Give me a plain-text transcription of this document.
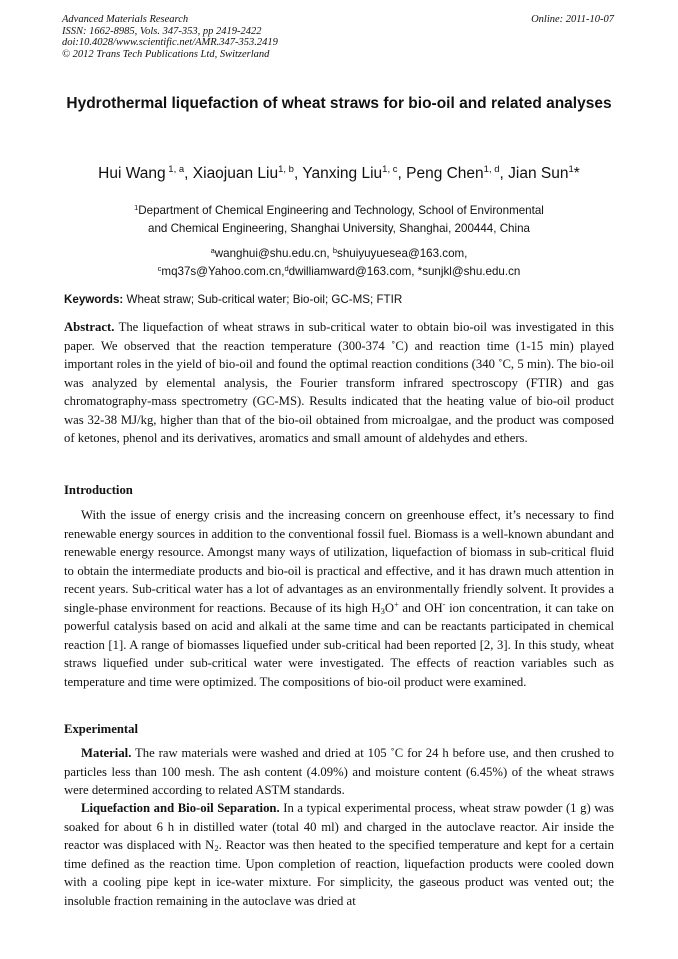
Advanced Materials Research
ISSN: 1662-8985, Vols. 347-353, pp 2419-2422
doi:10.4028/www.scientific.net/AMR.347-353.2419
© 2012 Trans Tech Publications Ltd, Switzerland
Online: 2011-10-07
Hydrothermal liquefaction of wheat straws for bio-oil and related analyses
Hui Wang $^{1, a}$, Xiaojuan Liu$^{1, b}$, Yanxing Liu$^{1, c}$, Peng Chen$^{1, d}$, Jian Sun$^1$*
$^1$Department of Chemical Engineering and Technology, School of Environmental
and Chemical Engineering, Shanghai University, Shanghai, 200444, China
$^a$wanghui@shu.edu.cn, $^b$shuiyuyuesea@163.com,
$^c$mq37s@Yahoo.com.cn,$^d$dwilliamward@163.com, *sunjkl@shu.edu.cn
Keywords: Wheat straw; Sub-critical water; Bio-oil; GC-MS; FTIR
Abstract. The liquefaction of wheat straws in sub-critical water to obtain bio-oil was investigated in this paper. We observed that the reaction temperature (300-374 ˚C) and reaction time (1-15 min) played important roles in the yield of bio-oil and found the optimal reaction conditions (340 ˚C, 5 min). The bio-oil was analyzed by elemental analysis, the Fourier transform infrared spectroscopy (FTIR) and gas chromatography-mass spectrometry (GC-MS). Results indicated that the heating value of bio-oil product was 32-38 MJ/kg, higher than that of the bio-oil obtained from microalgae, and the product was composed of ketones, phenol and its derivatives, aromatics and small amount of aldehydes and ethers.
Introduction
With the issue of energy crisis and the increasing concern on greenhouse effect, it’s necessary to find renewable energy sources in addition to the conventional fossil fuel. Biomass is a well-known abundant and renewable energy resource. Amongst many ways of utilization, liquefaction of biomass in sub-critical fluid to obtain the intermediate products and bio-oil is practical and effective, and it has drawn much attention in recent years. Sub-critical water has a lot of advantages as an environmentally friendly solvent. It provides a single-phase environment for reactions. Because of its high $H_3O^+$ and OH- ion concentration, it can take on powerful catalysis based on acid and alkali at the same time and can be reactants participated in chemical reaction [1]. A range of biomasses liquefied under sub-critical had been reported [2, 3]. In this study, wheat straws liquefied under sub-critical water were investigated. The effects of reaction variables such as temperature and time were optimized. The compositions of bio-oil product were examined.
Experimental
Material. The raw materials were washed and dried at 105 ˚C for 24 h before use, and then crushed to particles less than 100 mesh. The ash content (4.09%) and moisture content (6.45%) of the wheat straws were determined according to related ASTM standards.
Liquefaction and Bio-oil Separation. In a typical experimental process, wheat straw powder (1 g) was soaked for about 6 h in distilled water (total 40 ml) and charged in the autoclave reactor. Air inside the reactor was displaced with $N_2$. Reactor was then heated to the specified temperature and kept for a certain time defined as the reaction time. Upon completion of reaction, liquefaction products were cooled down with a cooling pipe kept in ice-water mixture. For simplicity, the gaseous product was vented out; the insoluble fraction remaining in the autoclave was dried at
